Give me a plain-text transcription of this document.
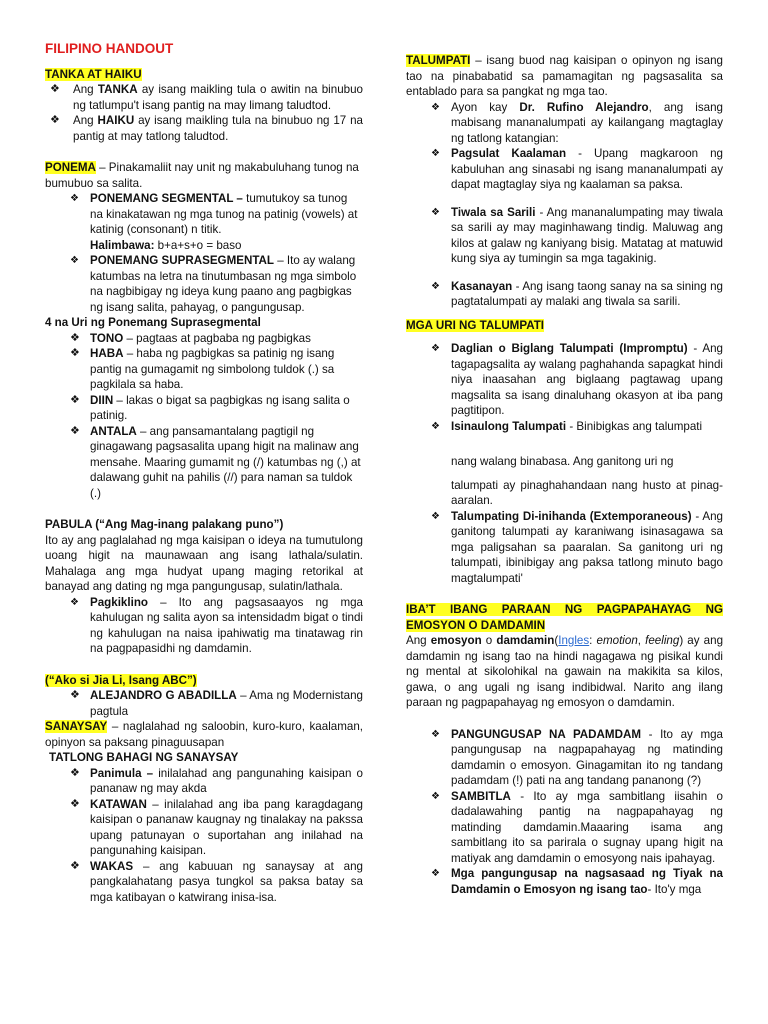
FILIPINO HANDOUT

TANKA AT HAIKU

❖ Ang TANKA ay isang maikling tula o awitin na binubuo ng tatlumpu't isang pantig na may limang taludtod.
❖ Ang HAIKU ay isang maikling tula na binubuo ng 17 na pantig at may tatlong taludtod.

PONEMA – Pinakamaliit nay unit ng makabuluhang tunog na bumubuo sa salita.

❖ PONEMANG SEGMENTAL – tumutukoy sa tunog na kinakatawan ng mga tunog na patinig (vowels) at katinig (consonant) n titik.
Halimbawa: b+a+s+o = baso
❖ PONEMANG SUPRASEGMENTAL – Ito ay walang katumbas na letra na tinutumbasan ng mga simbolo na nagbibigay ng ideya kung paano ang pagbigkas ng isang salita, pahayag, o pangungusap.

4 na Uri ng Ponemang Suprasegmental

❖ TONO – pagtaas at pagbaba ng pagbigkas
❖ HABA – haba ng pagbigkas sa patinig ng isang pantig na gumagamit ng simbolong tuldok (.) sa pagkilala sa haba.
❖ DIIN – lakas o bigat sa pagbigkas ng isang salita o patinig.
❖ ANTALA – ang pansamantalang pagtigil ng ginagawang pagsasalita upang higit na malinaw ang mensahe. Maaring gumamit ng (/) katumbas ng (,) at dalawang guhit na pahilis (//) para naman sa tuldok (.)

PABULA (“Ang Mag-inang palakang puno”)

Ito ay ang paglalahad ng mga kaisipan o ideya na tumutulong uoang higit na maunawaan ang isang lathala/sulatin. Mahalaga ang mga hudyat upang maging retorikal at banayad ang dating ng mga pangungusap, sulatin/lathala.

❖ Pagkiklino – Ito ang pagsasaayos ng mga kahulugan ng salita ayon sa intensidadm bigat o tindi ng kahulugan na naisa ipahiwatig ma tinatawag rin na pagpapasidhi ng damdamin.

(“Ako si Jia Li, Isang ABC”)

❖ ALEJANDRO G ABADILLA – Ama ng Modernistang pagtula

SANAYSAY – naglalahad ng saloobin, kuro-kuro, kaalaman, opinyon sa paksang pinaguusapan

TATLONG BAHAGI NG SANAYSAY

❖ Panimula – inilalahad ang pangunahing kaisipan o pananaw ng may akda
❖ KATAWAN – inilalahad ang iba pang karagdagang kaisipan o pananaw kaugnay ng tinalakay na pakssa upang patunayan o suportahan ang inilahad na pangunahing kaisipan.
❖ WAKAS – ang kabuuan ng sanaysay at ang pangkalahatang pasya tungkol sa paksa batay sa mga katibayan o katwirang inisa-isa.

TALUMPATI – isang buod nag kaisipan o opinyon ng isang tao na pinababatid sa pamamagitan ng pagsasalita sa entablado para sa pangkat ng mga tao.

❖ Ayon kay Dr. Rufino Alejandro, ang isang mabisang mananalumpati ay kailangang magtaglay ng tatlong katangian:
❖ Pagsulat Kaalaman - Upang magkaroon ng kabuluhan ang sinasabi ng isang mananalumpati ay dapat magtaglay siya ng kaalaman sa paksa.
❖ Tiwala sa Sarili - Ang mananalumpating may tiwala sa sarili ay may maginhawang tindig. Maluwag ang kilos at galaw ng kaniyang bisig. Matatag at matuwid kung siya ay tumingin sa mga tagakinig.
❖ Kasanayan - Ang isang taong sanay na sa sining ng pagtatalumpati ay malaki ang tiwala sa sarili.

MGA URI NG TALUMPATI

❖ Daglian o Biglang Talumpati (Impromptu) - Ang tagapagsalita ay walang paghahanda sapagkat hindi niya inaasahan ang biglaang pagtawag upang magsalita sa isang dinaluhang okasyon at iba pang pagtitipon.
❖ Isinaulong Talumpati - Binibigkas ang talumpati

nang walang binabasa. Ang ganitong uri ng

talumpati ay pinaghahandaan nang husto at pinag-aaralan.

❖ Talumpating Di-inihanda (Extemporaneous) - Ang ganitong talumpati ay karaniwang isinasagawa sa mga paligsahan sa paaralan. Sa ganitong uri ng talumpati, ibinibigay ang paksa tatlong minuto bago magtalumpati'

IBA’T IBANG PARAAN NG PAGPAPAHAYAG NG EMOSYON O DAMDAMIN

Ang emosyon o damdamin(Ingles: emotion, feeling) ay ang damdamin ng isang tao na hindi nagagawa ng pisikal kundi ng mental at sikolohikal na gawain na makikita sa kilos, gawa, o ang ugali ng isang indibidwal. Narito ang ilang paraan ng pagpapahayag ng emosyon o damdamin.

❖ PANGUNGUSAP NA PADAMDAM - Ito ay mga pangungusap na nagpapahayag ng matinding damdamin o emosyon. Ginagamitan ito ng tandang padamdam (!) pati na ang tandang pananong (?)
❖ SAMBITLA - Ito ay mga sambitlang iisahin o dadalawahing pantig na nagpapahayag ng matinding damdamin.Maaaring isama ang sambitlang ito sa parirala o sugnay upang higit na matiyak ang damdamin o emosyong nais ipahayag.
❖ Mga pangungusap na nagsasaad ng Tiyak na Damdamin o Emosyon ng isang tao- Ito'y mga
